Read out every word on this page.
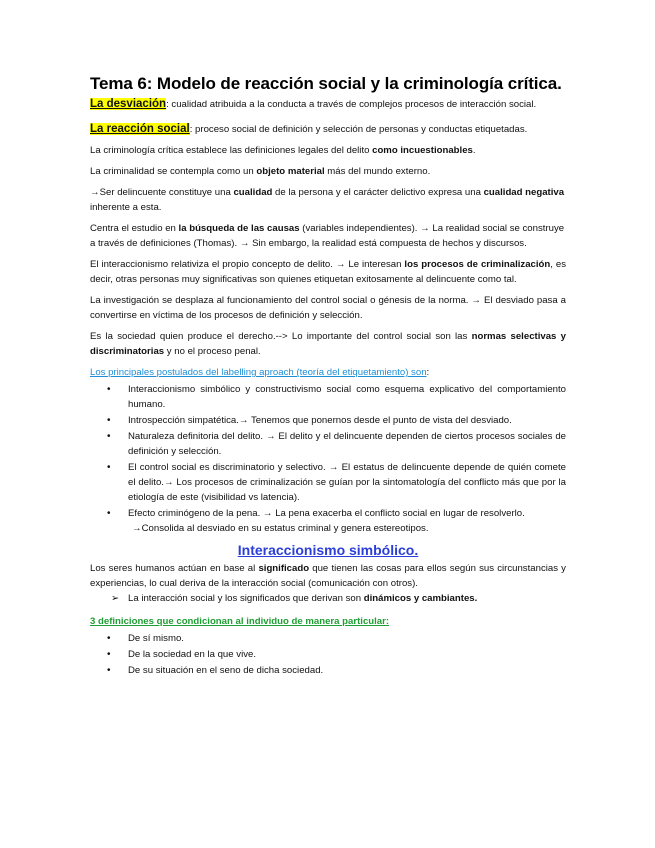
Tema 6: Modelo de reacción social y la criminología crítica.

La desviación: cualidad atribuida a la conducta a través de complejos procesos de interacción social.

La reacción social: proceso social de definición y selección de personas y conductas etiquetadas.

La criminología crítica establece las definiciones legales del delito como incuestionables.

La criminalidad se contempla como un objeto material más del mundo externo.

→Ser delincuente constituye una cualidad de la persona y el carácter delictivo expresa una cualidad negativa inherente a esta.

Centra el estudio en la búsqueda de las causas (variables independientes). → La realidad social se construye a través de definiciones (Thomas). → Sin embargo, la realidad está compuesta de hechos y discursos.

El interaccionismo relativiza el propio concepto de delito. → Le interesan los procesos de criminalización, es decir, otras personas muy significativas son quienes etiquetan exitosamente al delincuente como tal.

La investigación se desplaza al funcionamiento del control social o génesis de la norma. → El desviado pasa a convertirse en víctima de los procesos de definición y selección.

Es la sociedad quien produce el derecho.--> Lo importante del control social son las normas selectivas y discriminatorias y no el proceso penal.

Los principales postulados del labelling aproach (teoría del etiquetamiento) son:

• Interaccionismo simbólico y constructivismo social como esquema explicativo del comportamiento humano.
• Introspección simpatética.→ Tenemos que ponernos desde el punto de vista del desviado.
• Naturaleza definitoria del delito. → El delito y el delincuente dependen de ciertos procesos sociales de definición y selección.
• El control social es discriminatorio y selectivo. → El estatus de delincuente depende de quién comete el delito.→ Los procesos de criminalización se guían por la sintomatología del conflicto más que por la etiología de este (visibilidad vs latencia).
• Efecto criminógeno de la pena. → La pena exacerba el conflicto social en lugar de resolverlo.
→Consolida al desviado en su estatus criminal y genera estereotipos.
Interaccionismo simbólico.

Los seres humanos actúan en base al significado que tienen las cosas para ellos según sus circunstancias y experiencias, lo cual deriva de la interacción social (comunicación con otros).

➢ La interacción social y los significados que derivan son dinámicos y cambiantes.

3 definiciones que condicionan al individuo de manera particular:

• De sí mismo.
• De la sociedad en la que vive.
• De su situación en el seno de dicha sociedad.
